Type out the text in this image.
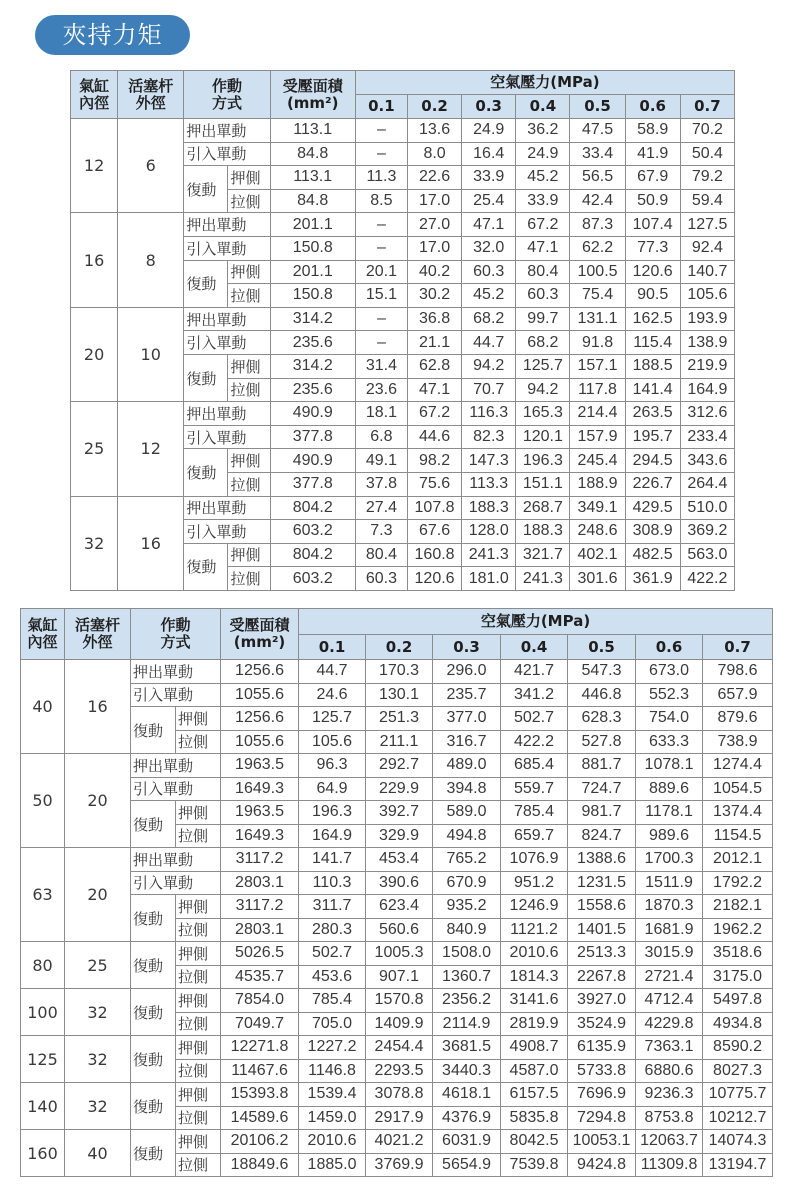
夾持力矩
氣缸
內徑	活塞杆
外徑	作動
方式		受壓面積
(mm²)	空氣壓力(MPa)						
					0.1	0.2	0.3	0.4	0.5	0.6	0.7
12	6	押出單動		113.1	–	13.6	24.9	36.2	47.5	58.9	70.2
		引入單動		84.8	–	8.0	16.4	24.9	33.4	41.9	50.4
		復動	押側	113.1	11.3	22.6	33.9	45.2	56.5	67.9	79.2
			拉側	84.8	8.5	17.0	25.4	33.9	42.4	50.9	59.4
16	8	押出單動		201.1	–	27.0	47.1	67.2	87.3	107.4	127.5
		引入單動		150.8	–	17.0	32.0	47.1	62.2	77.3	92.4
		復動	押側	201.1	20.1	40.2	60.3	80.4	100.5	120.6	140.7
			拉側	150.8	15.1	30.2	45.2	60.3	75.4	90.5	105.6
20	10	押出單動		314.2	–	36.8	68.2	99.7	131.1	162.5	193.9
		引入單動		235.6	–	21.1	44.7	68.2	91.8	115.4	138.9
		復動	押側	314.2	31.4	62.8	94.2	125.7	157.1	188.5	219.9
			拉側	235.6	23.6	47.1	70.7	94.2	117.8	141.4	164.9
25	12	押出單動		490.9	18.1	67.2	116.3	165.3	214.4	263.5	312.6
		引入單動		377.8	6.8	44.6	82.3	120.1	157.9	195.7	233.4
		復動	押側	490.9	49.1	98.2	147.3	196.3	245.4	294.5	343.6
			拉側	377.8	37.8	75.6	113.3	151.1	188.9	226.7	264.4
32	16	押出單動		804.2	27.4	107.8	188.3	268.7	349.1	429.5	510.0
		引入單動		603.2	7.3	67.6	128.0	188.3	248.6	308.9	369.2
		復動	押側	804.2	80.4	160.8	241.3	321.7	402.1	482.5	563.0
			拉側	603.2	60.3	120.6	181.0	241.3	301.6	361.9	422.2
氣缸
內徑	活塞杆
外徑	作動
方式		受壓面積
(mm²)	空氣壓力(MPa)						
					0.1	0.2	0.3	0.4	0.5	0.6	0.7
40	16	押出單動		1256.6	44.7	170.3	296.0	421.7	547.3	673.0	798.6
		引入單動		1055.6	24.6	130.1	235.7	341.2	446.8	552.3	657.9
		復動	押側	1256.6	125.7	251.3	377.0	502.7	628.3	754.0	879.6
			拉側	1055.6	105.6	211.1	316.7	422.2	527.8	633.3	738.9
50	20	押出單動		1963.5	96.3	292.7	489.0	685.4	881.7	1078.1	1274.4
		引入單動		1649.3	64.9	229.9	394.8	559.7	724.7	889.6	1054.5
		復動	押側	1963.5	196.3	392.7	589.0	785.4	981.7	1178.1	1374.4
			拉側	1649.3	164.9	329.9	494.8	659.7	824.7	989.6	1154.5
63	20	押出單動		3117.2	141.7	453.4	765.2	1076.9	1388.6	1700.3	2012.1
		引入單動		2803.1	110.3	390.6	670.9	951.2	1231.5	1511.9	1792.2
		復動	押側	3117.2	311.7	623.4	935.2	1246.9	1558.6	1870.3	2182.1
			拉側	2803.1	280.3	560.6	840.9	1121.2	1401.5	1681.9	1962.2
80	25	復動	押側	5026.5	502.7	1005.3	1508.0	2010.6	2513.3	3015.9	3518.6
			拉側	4535.7	453.6	907.1	1360.7	1814.3	2267.8	2721.4	3175.0
100	32	復動	押側	7854.0	785.4	1570.8	2356.2	3141.6	3927.0	4712.4	5497.8
			拉側	7049.7	705.0	1409.9	2114.9	2819.9	3524.9	4229.8	4934.8
125	32	復動	押側	12271.8	1227.2	2454.4	3681.5	4908.7	6135.9	7363.1	8590.2
			拉側	11467.6	1146.8	2293.5	3440.3	4587.0	5733.8	6880.6	8027.3
140	32	復動	押側	15393.8	1539.4	3078.8	4618.1	6157.5	7696.9	9236.3	10775.7
			拉側	14589.6	1459.0	2917.9	4376.9	5835.8	7294.8	8753.8	10212.7
160	40	復動	押側	20106.2	2010.6	4021.2	6031.9	8042.5	10053.1	12063.7	14074.3
			拉側	18849.6	1885.0	3769.9	5654.9	7539.8	9424.8	11309.8	13194.7
